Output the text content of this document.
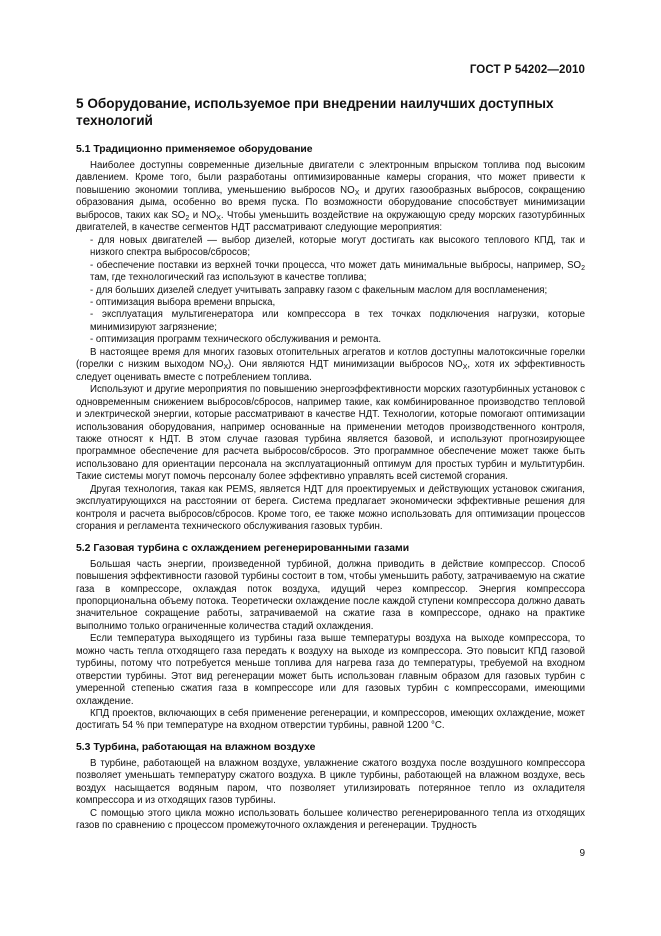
ГОСТ Р 54202—2010
5 Оборудование, используемое при внедрении наилучших доступных технологий
5.1 Традиционно применяемое оборудование

Наиболее доступны современные дизельные двигатели с электронным впрыском топлива под высоким давлением. Кроме того, были разработаны оптимизированные камеры сгорания, что может привести к повышению экономии топлива, уменьшению выбросов $NO_X$ и других газообразных выбросов, сокращению образования дыма, особенно во время пуска. По возможности оборудование способствует минимизации выбросов, таких как $SO_2$ и $NO_X$. Чтобы уменьшить воздействие на окружающую среду морских газотурбинных двигателей, в качестве сегментов НДТ рассматривают следующие мероприятия:

- для новых двигателей — выбор дизелей, которые могут достигать как высокого теплового КПД, так и низкого спектра выбросов/сбросов;

- обеспечение поставки из верхней точки процесса, что может дать минимальные выбросы, например, $SO_2$ там, где технологический газ используют в качестве топлива;

- для больших дизелей следует учитывать заправку газом с факельным маслом для воспламенения;

- оптимизация выбора времени впрыска,

- эксплуатация мультигенератора или компрессора в тех точках подключения нагрузки, которые минимизируют загрязнение;

- оптимизация программ технического обслуживания и ремонта.

В настоящее время для многих газовых отопительных агрегатов и котлов доступны малотоксичные горелки (горелки с низким выходом $NO_X$). Они являются НДТ минимизации выбросов $NO_X$, хотя их эффективность следует оценивать вместе с потреблением топлива.

Используют и другие мероприятия по повышению энергоэффективности морских газотурбинных установок с одновременным снижением выбросов/сбросов, например такие, как комбинированное производство тепловой и электрической энергии, которые рассматривают в качестве НДТ. Технологии, которые помогают оптимизации использования оборудования, например основанные на применении методов производственного контроля, также относят к НДТ. В этом случае газовая турбина является базовой, и используют прогнозирующее программное обеспечение для расчета выбросов/сбросов. Это программное обеспечение может также быть использовано для ориентации персонала на эксплуатационный оптимум для простых турбин и мультитурбин. Такие системы могут помочь персоналу более эффективно управлять всей системой сгорания.

Другая технология, такая как PEMS, является НДТ для проектируемых и действующих установок сжигания, эксплуатирующихся на расстоянии от берега. Система предлагает экономически эффективные решения для контроля и расчета выбросов/сбросов. Кроме того, ее также можно использовать для оптимизации процессов сгорания и регламента технического обслуживания газовых турбин.

5.2 Газовая турбина с охлаждением регенерированными газами

Большая часть энергии, произведенной турбиной, должна приводить в действие компрессор. Способ повышения эффективности газовой турбины состоит в том, чтобы уменьшить работу, затрачиваемую на сжатие газа в компрессоре, охлаждая поток воздуха, идущий через компрессор. Энергия компрессора пропорциональна объему потока. Теоретически охлаждение после каждой ступени компрессора должно давать значительное сокращение работы, затрачиваемой на сжатие газа в компрессоре, однако на практике выполнимо только ограниченные количества стадий охлаждения.

Если температура выходящего из турбины газа выше температуры воздуха на выходе компрессора, то можно часть тепла отходящего газа передать к воздуху на выходе из компрессора. Это повысит КПД газовой турбины, потому что потребуется меньше топлива для нагрева газа до температуры, требуемой на входном отверстии турбины. Этот вид регенерации может быть использован главным образом для газовых турбин с умеренной степенью сжатия газа в компрессоре или для газовых турбин с компрессорами, имеющими охлаждение.

КПД проектов, включающих в себя применение регенерации, и компрессоров, имеющих охлаждение, может достигать 54 % при температуре на входном отверстии турбины, равной 1200 °С.

5.3 Турбина, работающая на влажном воздухе

В турбине, работающей на влажном воздухе, увлажнение сжатого воздуха после воздушного компрессора позволяет уменьшать температуру сжатого воздуха. В цикле турбины, работающей на влажном воздухе, весь воздух насыщается водяным паром, что позволяет утилизировать потерянное тепло из охладителя компрессора и из отходящих газов турбины.

С помощью этого цикла можно использовать большее количество регенерированного тепла из отходящих газов по сравнению с процессом промежуточного охлаждения и регенерации. Трудность

9
